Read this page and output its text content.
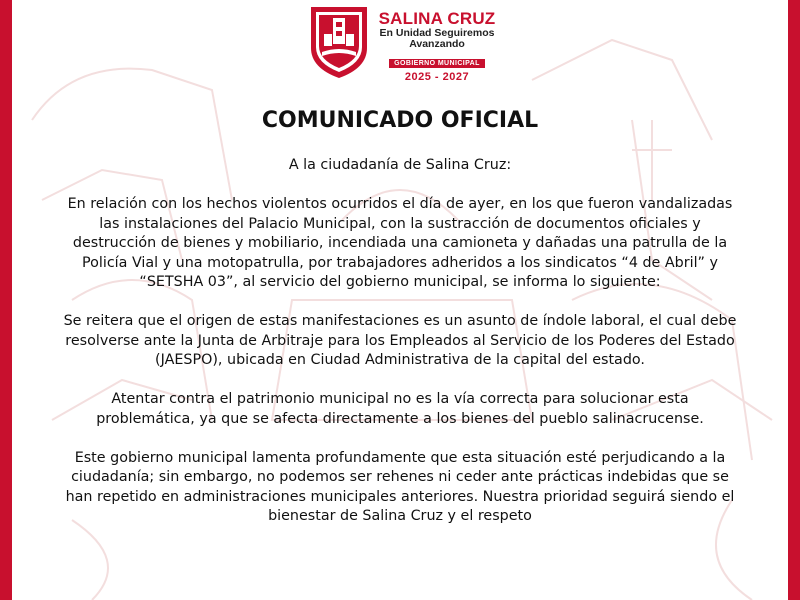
SALINA CRUZ
En Unidad Seguiremos
Avanzando
GOBIERNO MUNICIPAL
2025 - 2027
COMUNICADO OFICIAL

A la ciudadanía de Salina Cruz:

En relación con los hechos violentos ocurridos el día de ayer, en los que fueron vandalizadas las instalaciones del Palacio Municipal, con la sustracción de documentos oficiales y destrucción de bienes y mobiliario, incendiada una camioneta y dañadas una patrulla de la Policía Vial y una motopatrulla, por trabajadores adheridos a los sindicatos “4 de Abril” y “SETSHA 03”, al servicio del gobierno municipal, se informa lo siguiente:

Se reitera que el origen de estas manifestaciones es un asunto de índole laboral, el cual debe resolverse ante la Junta de Arbitraje para los Empleados al Servicio de los Poderes del Estado (JAESPO), ubicada en Ciudad Administrativa de la capital del estado.

Atentar contra el patrimonio municipal no es la vía correcta para solucionar esta problemática, ya que se afecta directamente a los bienes del pueblo salinacrucense.

Este gobierno municipal lamenta profundamente que esta situación esté perjudicando a la ciudadanía; sin embargo, no podemos ser rehenes ni ceder ante prácticas indebidas que se han repetido en administraciones municipales anteriores. Nuestra prioridad seguirá siendo el bienestar de Salina Cruz y el respeto
